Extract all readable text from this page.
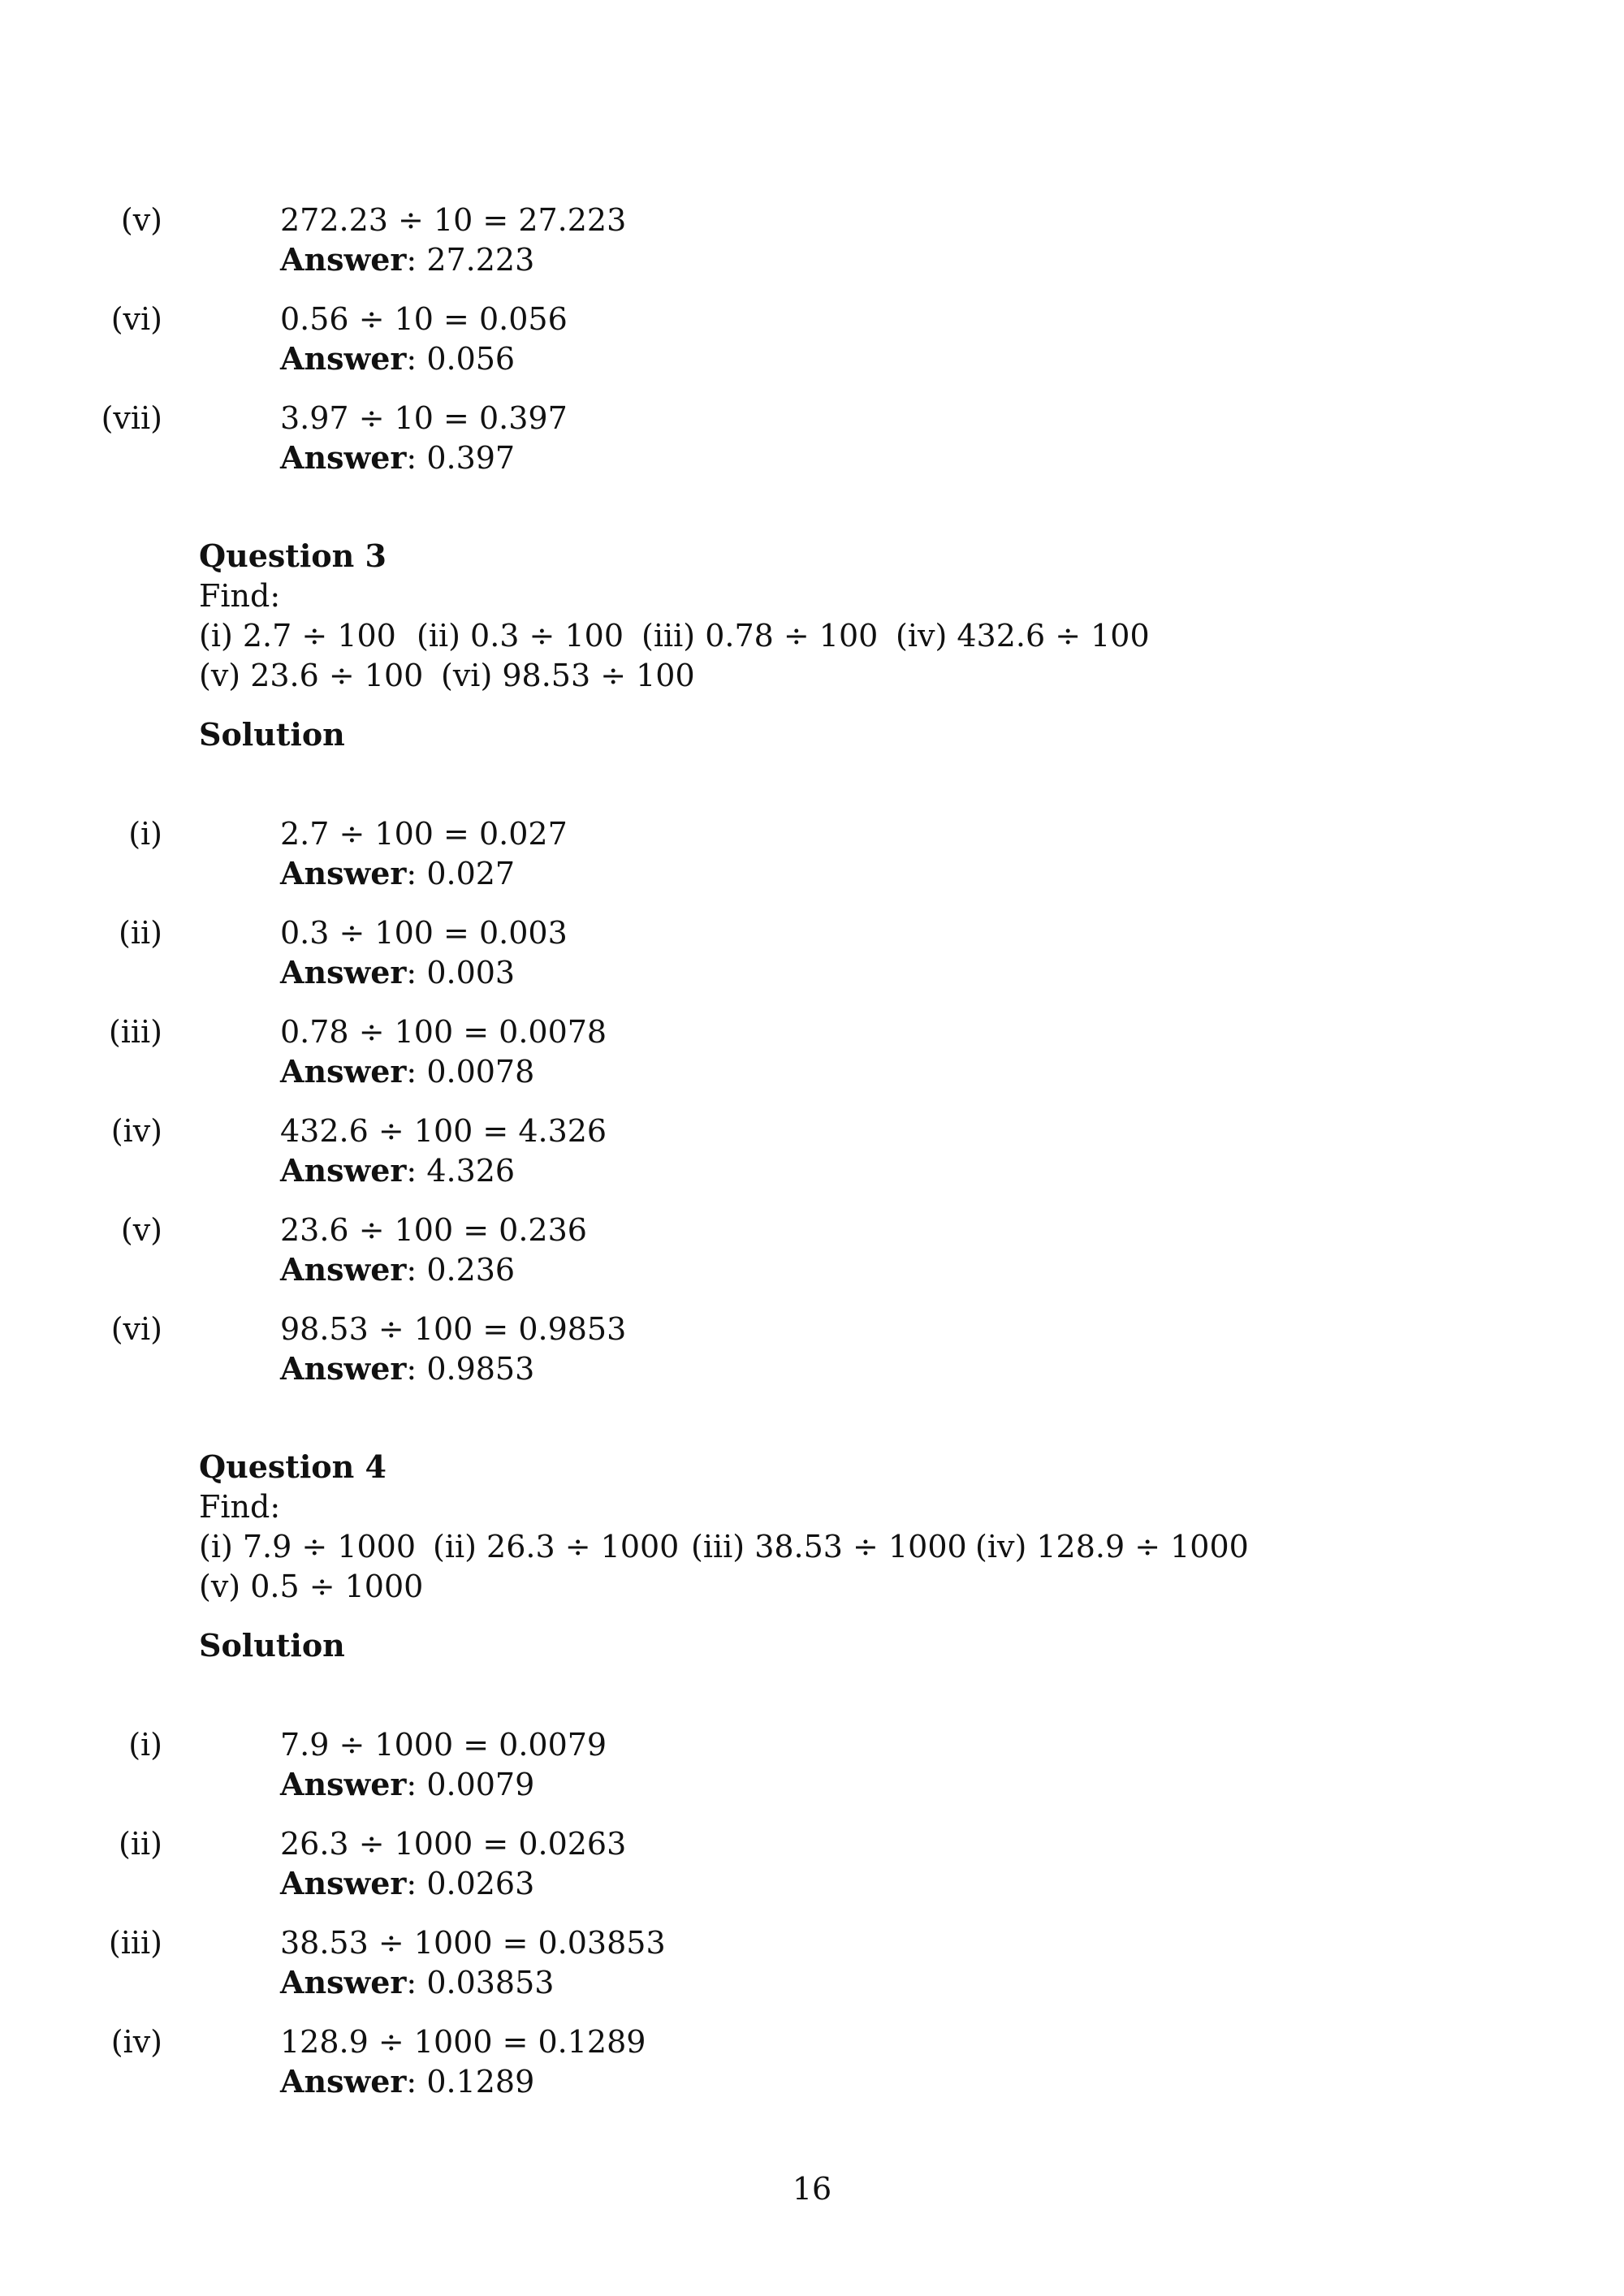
(v)	272.23 ÷ 10 = 27.223
Answer: 27.223
(vi)	0.56 ÷ 10 = 0.056
Answer: 0.056
(vii)	3.97 ÷ 10 = 0.397
Answer: 0.397
Question 3
Find:
(i) 2.7 ÷ 100 (ii) 0.3 ÷ 100 (iii) 0.78 ÷ 100 (iv) 432.6 ÷ 100
(v) 23.6 ÷ 100 (vi) 98.53 ÷ 100
Solution
(i)	2.7 ÷ 100 = 0.027
Answer: 0.027
(ii)	0.3 ÷ 100 = 0.003
Answer: 0.003
(iii)	0.78 ÷ 100 = 0.0078
Answer: 0.0078
(iv)	432.6 ÷ 100 = 4.326
Answer: 4.326
(v)	23.6 ÷ 100 = 0.236
Answer: 0.236
(vi)	98.53 ÷ 100 = 0.9853
Answer: 0.9853
Question 4
Find:
(i) 7.9 ÷ 1000 (ii) 26.3 ÷ 1000 (iii) 38.53 ÷ 1000 (iv) 128.9 ÷ 1000
(v) 0.5 ÷ 1000
Solution
(i)	7.9 ÷ 1000 = 0.0079
Answer: 0.0079
(ii)	26.3 ÷ 1000 = 0.0263
Answer: 0.0263
(iii)	38.53 ÷ 1000 = 0.03853
Answer: 0.03853
(iv)	128.9 ÷ 1000 = 0.1289
Answer: 0.1289
16
